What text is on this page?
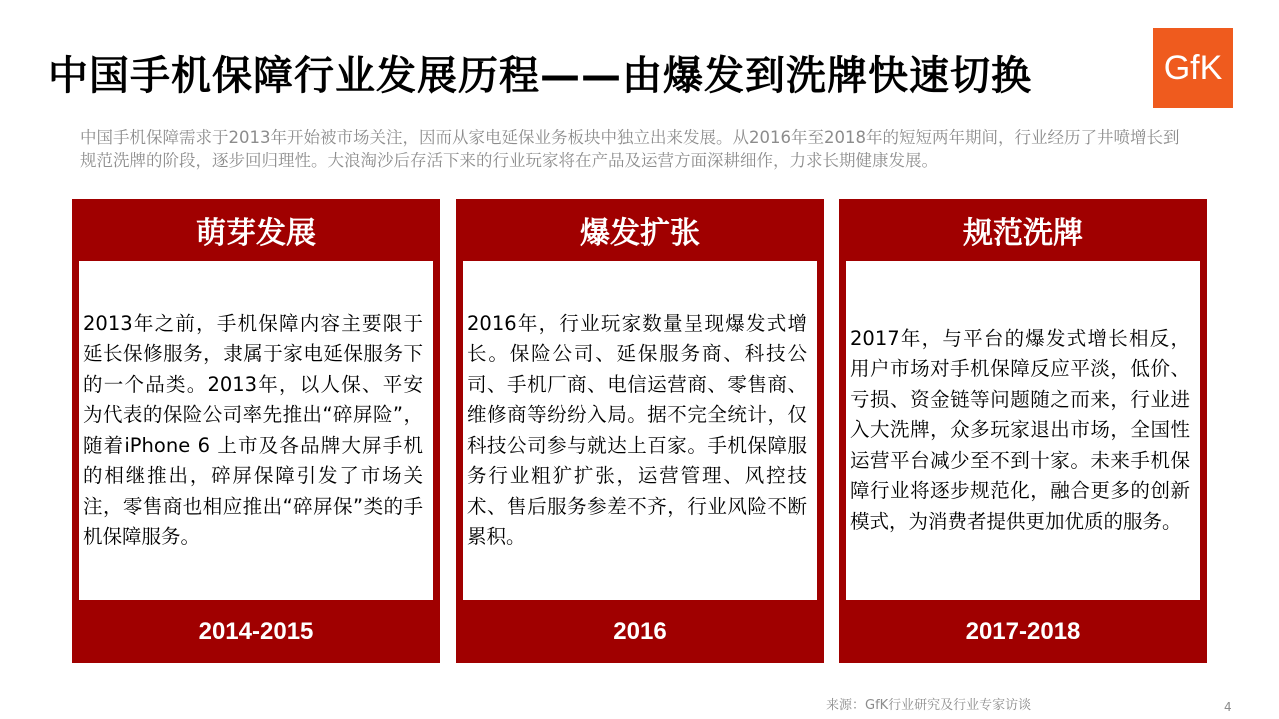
中国手机保障行业发展历程——由爆发到洗牌快速切换	GfK
中国手机保障需求于2013年开始被市场关注，因而从家电延保业务板块中独立出来发展。从2016年至2018年的短短两年期间，行业经历了井喷增长到规范洗牌的阶段，逐步回归理性。大浪淘沙后存活下来的行业玩家将在产品及运营方面深耕细作，力求长期健康发展。
萌芽发展
2013年之前，手机保障内容主要限于延长保修服务，隶属于家电延保服务下的一个品类。2013年，以人保、平安为代表的保险公司率先推出“碎屏险”，随着iPhone 6 上市及各品牌大屏手机的相继推出，碎屏保障引发了市场关注，零售商也相应推出“碎屏保”类的手机保障服务。
2014-2015
爆发扩张
2016年，行业玩家数量呈现爆发式增长。保险公司、延保服务商、科技公司、手机厂商、电信运营商、零售商、维修商等纷纷入局。据不完全统计，仅科技公司参与就达上百家。手机保障服务行业粗犷扩张，运营管理、风控技术、售后服务参差不齐，行业风险不断累积。
2016
规范洗牌
2017年，与平台的爆发式增长相反，用户市场对手机保障反应平淡，低价、亏损、资金链等问题随之而来，行业进入大洗牌，众多玩家退出市场，全国性运营平台减少至不到十家。未来手机保障行业将逐步规范化，融合更多的创新模式，为消费者提供更加优质的服务。
2017-2018
来源：GfK行业研究及行业专家访谈	4
